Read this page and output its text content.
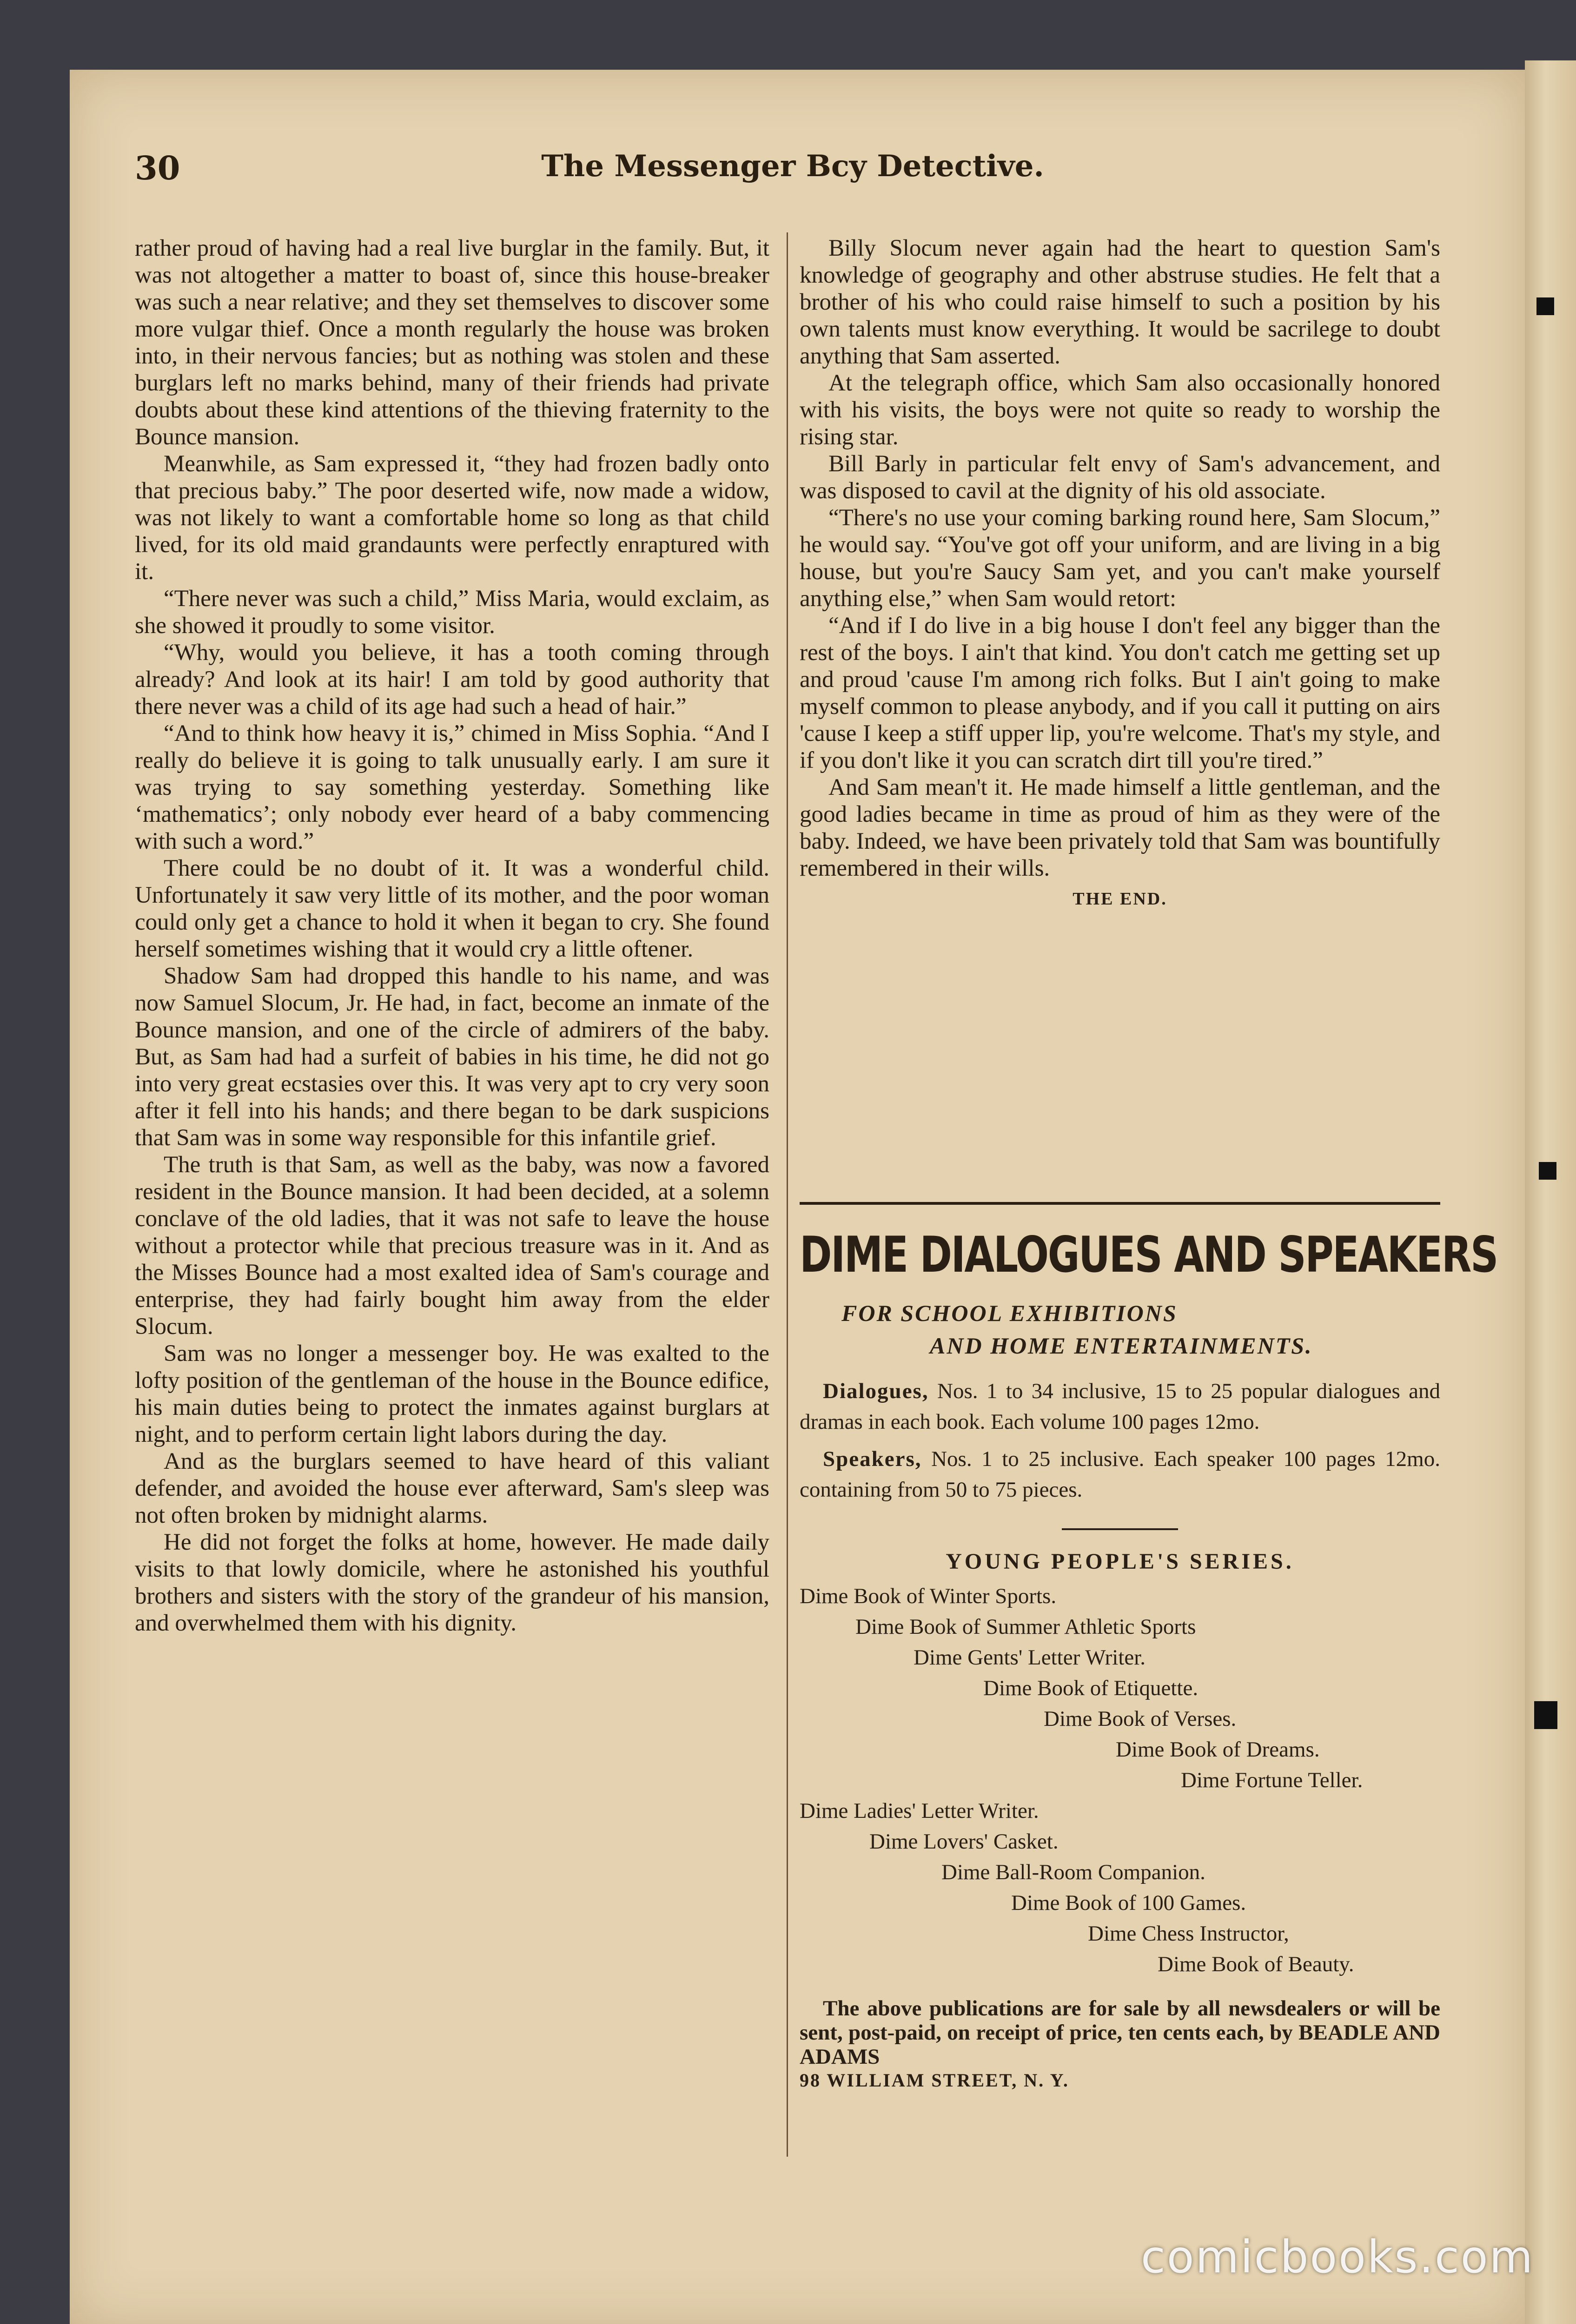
30	The Messenger Bcy Detective.

rather proud of having had a real live burglar in the family. But, it was not altogether a matter to boast of, since this house-breaker was such a near relative; and they set themselves to discover some more vulgar thief. Once a month regularly the house was broken into, in their nervous fancies; but as nothing was stolen and these burglars left no marks behind, many of their friends had private doubts about these kind attentions of the thieving fraternity to the Bounce mansion.

Meanwhile, as Sam expressed it, “they had frozen badly onto that precious baby.” The poor deserted wife, now made a widow, was not likely to want a comfortable home so long as that child lived, for its old maid grandaunts were perfectly enraptured with it.

“There never was such a child,” Miss Maria, would exclaim, as she showed it proudly to some visitor.

“Why, would you believe, it has a tooth coming through already? And look at its hair! I am told by good authority that there never was a child of its age had such a head of hair.”

“And to think how heavy it is,” chimed in Miss Sophia. “And I really do believe it is going to talk unusually early. I am sure it was trying to say something yesterday. Something like ‘mathematics’; only nobody ever heard of a baby commencing with such a word.”

There could be no doubt of it. It was a wonderful child. Unfortunately it saw very little of its mother, and the poor woman could only get a chance to hold it when it began to cry. She found herself sometimes wishing that it would cry a little oftener.

Shadow Sam had dropped this handle to his name, and was now Samuel Slocum, Jr. He had, in fact, become an inmate of the Bounce mansion, and one of the circle of admirers of the baby. But, as Sam had had a surfeit of babies in his time, he did not go into very great ecstasies over this. It was very apt to cry very soon after it fell into his hands; and there began to be dark suspicions that Sam was in some way responsible for this infantile grief.

The truth is that Sam, as well as the baby, was now a favored resident in the Bounce mansion. It had been decided, at a solemn conclave of the old ladies, that it was not safe to leave the house without a protector while that precious treasure was in it. And as the Misses Bounce had a most exalted idea of Sam's courage and enterprise, they had fairly bought him away from the elder Slocum.

Sam was no longer a messenger boy. He was exalted to the lofty position of the gentleman of the house in the Bounce edifice, his main duties being to protect the inmates against burglars at night, and to perform certain light labors during the day.

And as the burglars seemed to have heard of this valiant defender, and avoided the house ever afterward, Sam's sleep was not often broken by midnight alarms.

He did not forget the folks at home, however. He made daily visits to that lowly domicile, where he astonished his youthful brothers and sisters with the story of the grandeur of his mansion, and overwhelmed them with his dignity.

Billy Slocum never again had the heart to question Sam's knowledge of geography and other abstruse studies. He felt that a brother of his who could raise himself to such a position by his own talents must know everything. It would be sacrilege to doubt anything that Sam asserted.

At the telegraph office, which Sam also occasionally honored with his visits, the boys were not quite so ready to worship the rising star.

Bill Barly in particular felt envy of Sam's advancement, and was disposed to cavil at the dignity of his old associate.

“There's no use your coming barking round here, Sam Slocum,” he would say. “You've got off your uniform, and are living in a big house, but you're Saucy Sam yet, and you can't make yourself anything else,” when Sam would retort:

“And if I do live in a big house I don't feel any bigger than the rest of the boys. I ain't that kind. You don't catch me getting set up and proud 'cause I'm among rich folks. But I ain't going to make myself common to please anybody, and if you call it putting on airs 'cause I keep a stiff upper lip, you're welcome. That's my style, and if you don't like it you can scratch dirt till you're tired.”

And Sam mean't it. He made himself a little gentleman, and the good ladies became in time as proud of him as they were of the baby. Indeed, we have been privately told that Sam was bountifully remembered in their wills.

THE END.
DIME DIALOGUES AND SPEAKERS
FOR SCHOOL EXHIBITIONS
AND HOME ENTERTAINMENTS.

Dialogues, Nos. 1 to 34 inclusive, 15 to 25 popular dialogues and dramas in each book. Each volume 100 pages 12mo.

Speakers, Nos. 1 to 25 inclusive. Each speaker 100 pages 12mo. containing from 50 to 75 pieces.

YOUNG PEOPLE'S SERIES.
Dime Book of Winter Sports.
Dime Book of Summer Athletic Sports
Dime Gents' Letter Writer.
Dime Book of Etiquette.
Dime Book of Verses.
Dime Book of Dreams.
Dime Fortune Teller.
Dime Ladies' Letter Writer.
Dime Lovers' Casket.
Dime Ball-Room Companion.
Dime Book of 100 Games.
Dime Chess Instructor,
Dime Book of Beauty.
The above publications are for sale by all newsdealers or will be sent, post-paid, on receipt of price, ten cents each, by BEADLE AND ADAMS
98 WILLIAM STREET, N. Y.
comicbooks.com
